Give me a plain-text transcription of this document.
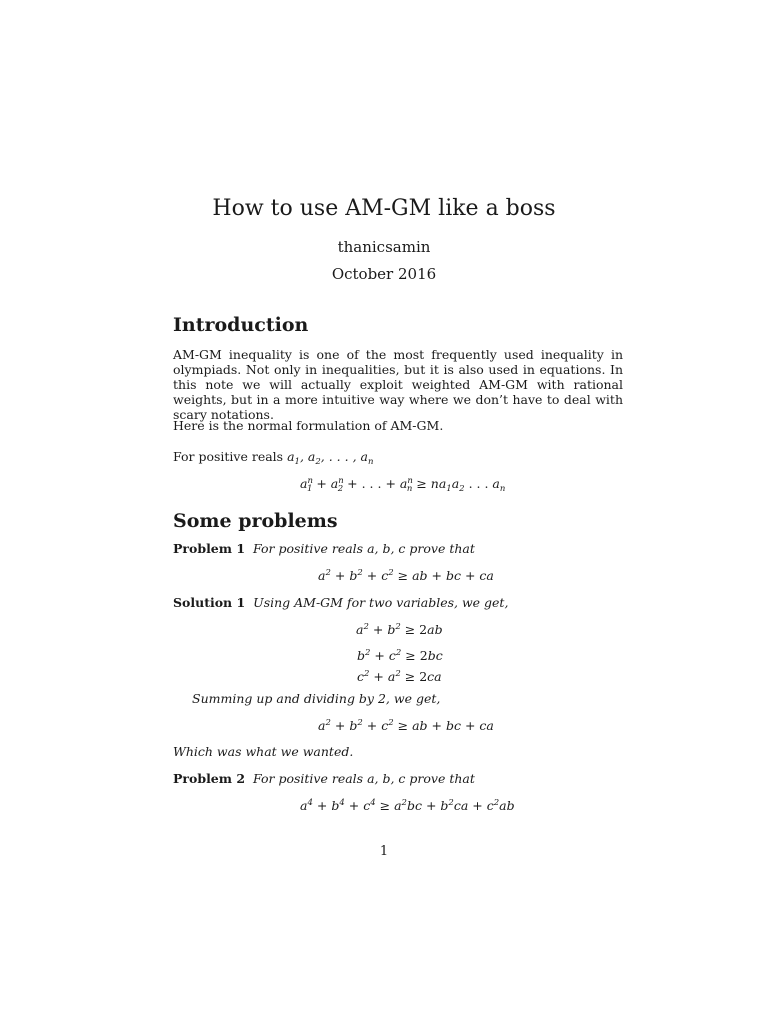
How to use AM-GM like a boss
thanicsamin
October 2016
Introduction
AM-GM inequality is one of the most frequently used inequality in olympiads. Not only in inequalities, but it is also used in equations. In this note we will actually exploit weighted AM-GM with rational weights, but in a more intuitive way where we don’t have to deal with scary notations.
Here is the normal formulation of AM-GM.
For positive reals $a_1$, $a_2$, . . . , $a_n$
$a^n_1 + a^n_2$ + . . . + $a^n_n \ge na_1a_2$ . . . $a_n$
Some problems
Problem 1 For positive reals a, b, c prove that
$a^2 + b^2 + c^2$ ≥ ab + bc + ca
Solution 1 Using AM-GM for two variables, we get,
$a^2 + b^2 \ge 2ab$
$b^2 + c^2 \ge 2bc$
$c^2 + a^2 \ge 2ca$
Summing up and dividing by 2, we get,
$a^2 + b^2 + c^2$ ≥ ab + bc + ca
Which was what we wanted.
Problem 2 For positive reals a, b, c prove that
$a^4 + b^4 + c^4 \ge a^2bc + b^2ca + c^2ab$
1
